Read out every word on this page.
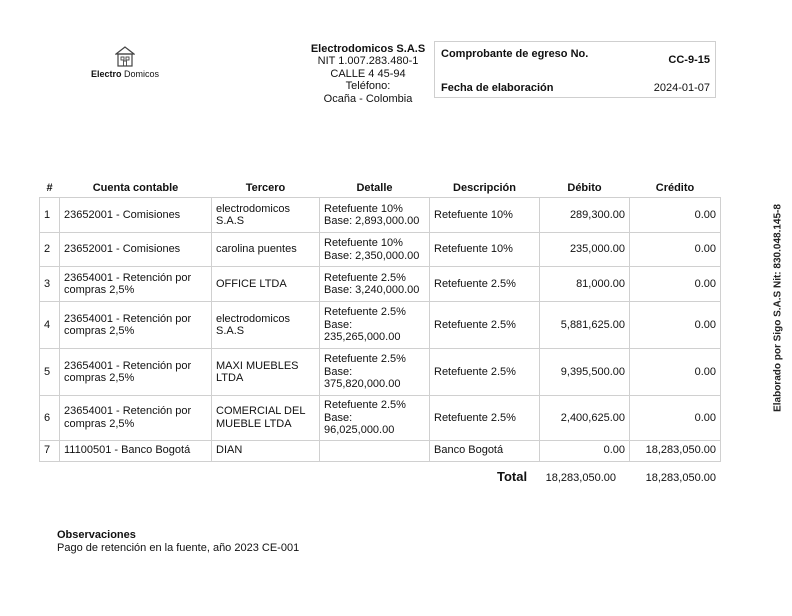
Electro Domicos
Electrodomicos S.A.S
NIT 1.007.283.480-1
CALLE 4 45-94
Teléfono:
Ocaña - Colombia
Comprobante de egreso No.	CC-9-15
Fecha de elaboración	2024-01-07
#	Cuenta contable	Tercero	Detalle	Descripción	Débito	Crédito
1	23652001 - Comisiones	electrodomicos S.A.S	Retefuente 10% Base: 2,893,000.00	Retefuente 10%	289,300.00	0.00
2	23652001 - Comisiones	carolina puentes	Retefuente 10% Base: 2,350,000.00	Retefuente 10%	235,000.00	0.00
3	23654001 - Retención por compras 2,5%	OFFICE LTDA	Retefuente 2.5% Base: 3,240,000.00	Retefuente 2.5%	81,000.00	0.00
4	23654001 - Retención por compras 2,5%	electrodomicos S.A.S	Retefuente 2.5% Base: 235,265,000.00	Retefuente 2.5%	5,881,625.00	0.00
5	23654001 - Retención por compras 2,5%	MAXI MUEBLES LTDA	Retefuente 2.5% Base: 375,820,000.00	Retefuente 2.5%	9,395,500.00	0.00
6	23654001 - Retención por compras 2,5%	COMERCIAL DEL MUEBLE LTDA	Retefuente 2.5% Base: 96,025,000.00	Retefuente 2.5%	2,400,625.00	0.00
7	11100501 - Banco Bogotá	DIAN		Banco Bogotá	0.00	18,283,050.00
Total 18,283,050.00	18,283,050.00
Observaciones
Pago de retención en la fuente, año 2023 CE-001
Elaborado por Sigo S.A.S Nit: 830.048.145-8
